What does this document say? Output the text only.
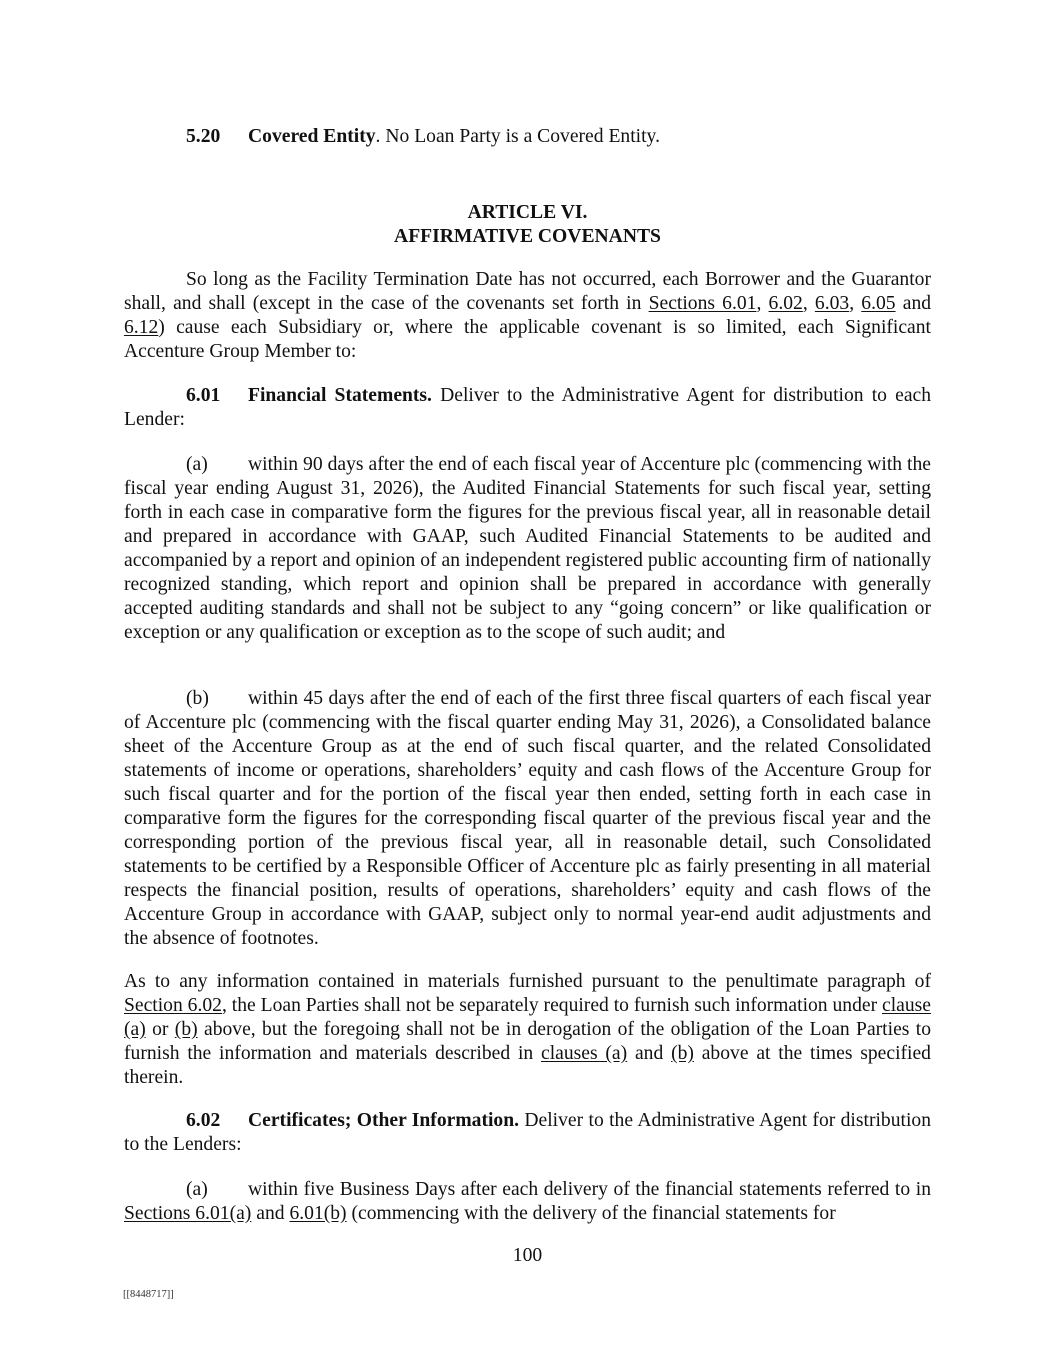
5.20 Covered Entity. No Loan Party is a Covered Entity.

ARTICLE VI.
AFFIRMATIVE COVENANTS

So long as the Facility Termination Date has not occurred, each Borrower and the Guarantor shall, and shall (except in the case of the covenants set forth in Sections 6.01, 6.02, 6.03, 6.05 and 6.12) cause each Subsidiary or, where the applicable covenant is so limited, each Significant Accenture Group Member to:

6.01 Financial Statements. Deliver to the Administrative Agent for distribution to each Lender:

(a) within 90 days after the end of each fiscal year of Accenture plc (commencing with the fiscal year ending August 31, 2026), the Audited Financial Statements for such fiscal year, setting forth in each case in comparative form the figures for the previous fiscal year, all in reasonable detail and prepared in accordance with GAAP, such Audited Financial Statements to be audited and accompanied by a report and opinion of an independent registered public accounting firm of nationally recognized standing, which report and opinion shall be prepared in accordance with generally accepted auditing standards and shall not be subject to any “going concern” or like qualification or exception or any qualification or exception as to the scope of such audit; and

(b) within 45 days after the end of each of the first three fiscal quarters of each fiscal year of Accenture plc (commencing with the fiscal quarter ending May 31, 2026), a Consolidated balance sheet of the Accenture Group as at the end of such fiscal quarter, and the related Consolidated statements of income or operations, shareholders’ equity and cash flows of the Accenture Group for such fiscal quarter and for the portion of the fiscal year then ended, setting forth in each case in comparative form the figures for the corresponding fiscal quarter of the previous fiscal year and the corresponding portion of the previous fiscal year, all in reasonable detail, such Consolidated statements to be certified by a Responsible Officer of Accenture plc as fairly presenting in all material respects the financial position, results of operations, shareholders’ equity and cash flows of the Accenture Group in accordance with GAAP, subject only to normal year-end audit adjustments and the absence of footnotes.

As to any information contained in materials furnished pursuant to the penultimate paragraph of Section 6.02, the Loan Parties shall not be separately required to furnish such information under clause (a) or (b) above, but the foregoing shall not be in derogation of the obligation of the Loan Parties to furnish the information and materials described in clauses (a) and (b) above at the times specified therein.

6.02 Certificates; Other Information. Deliver to the Administrative Agent for distribution to the Lenders:

(a) within five Business Days after each delivery of the financial statements referred to in Sections 6.01(a) and 6.01(b) (commencing with the delivery of the financial statements for

100
[[8448717]]
